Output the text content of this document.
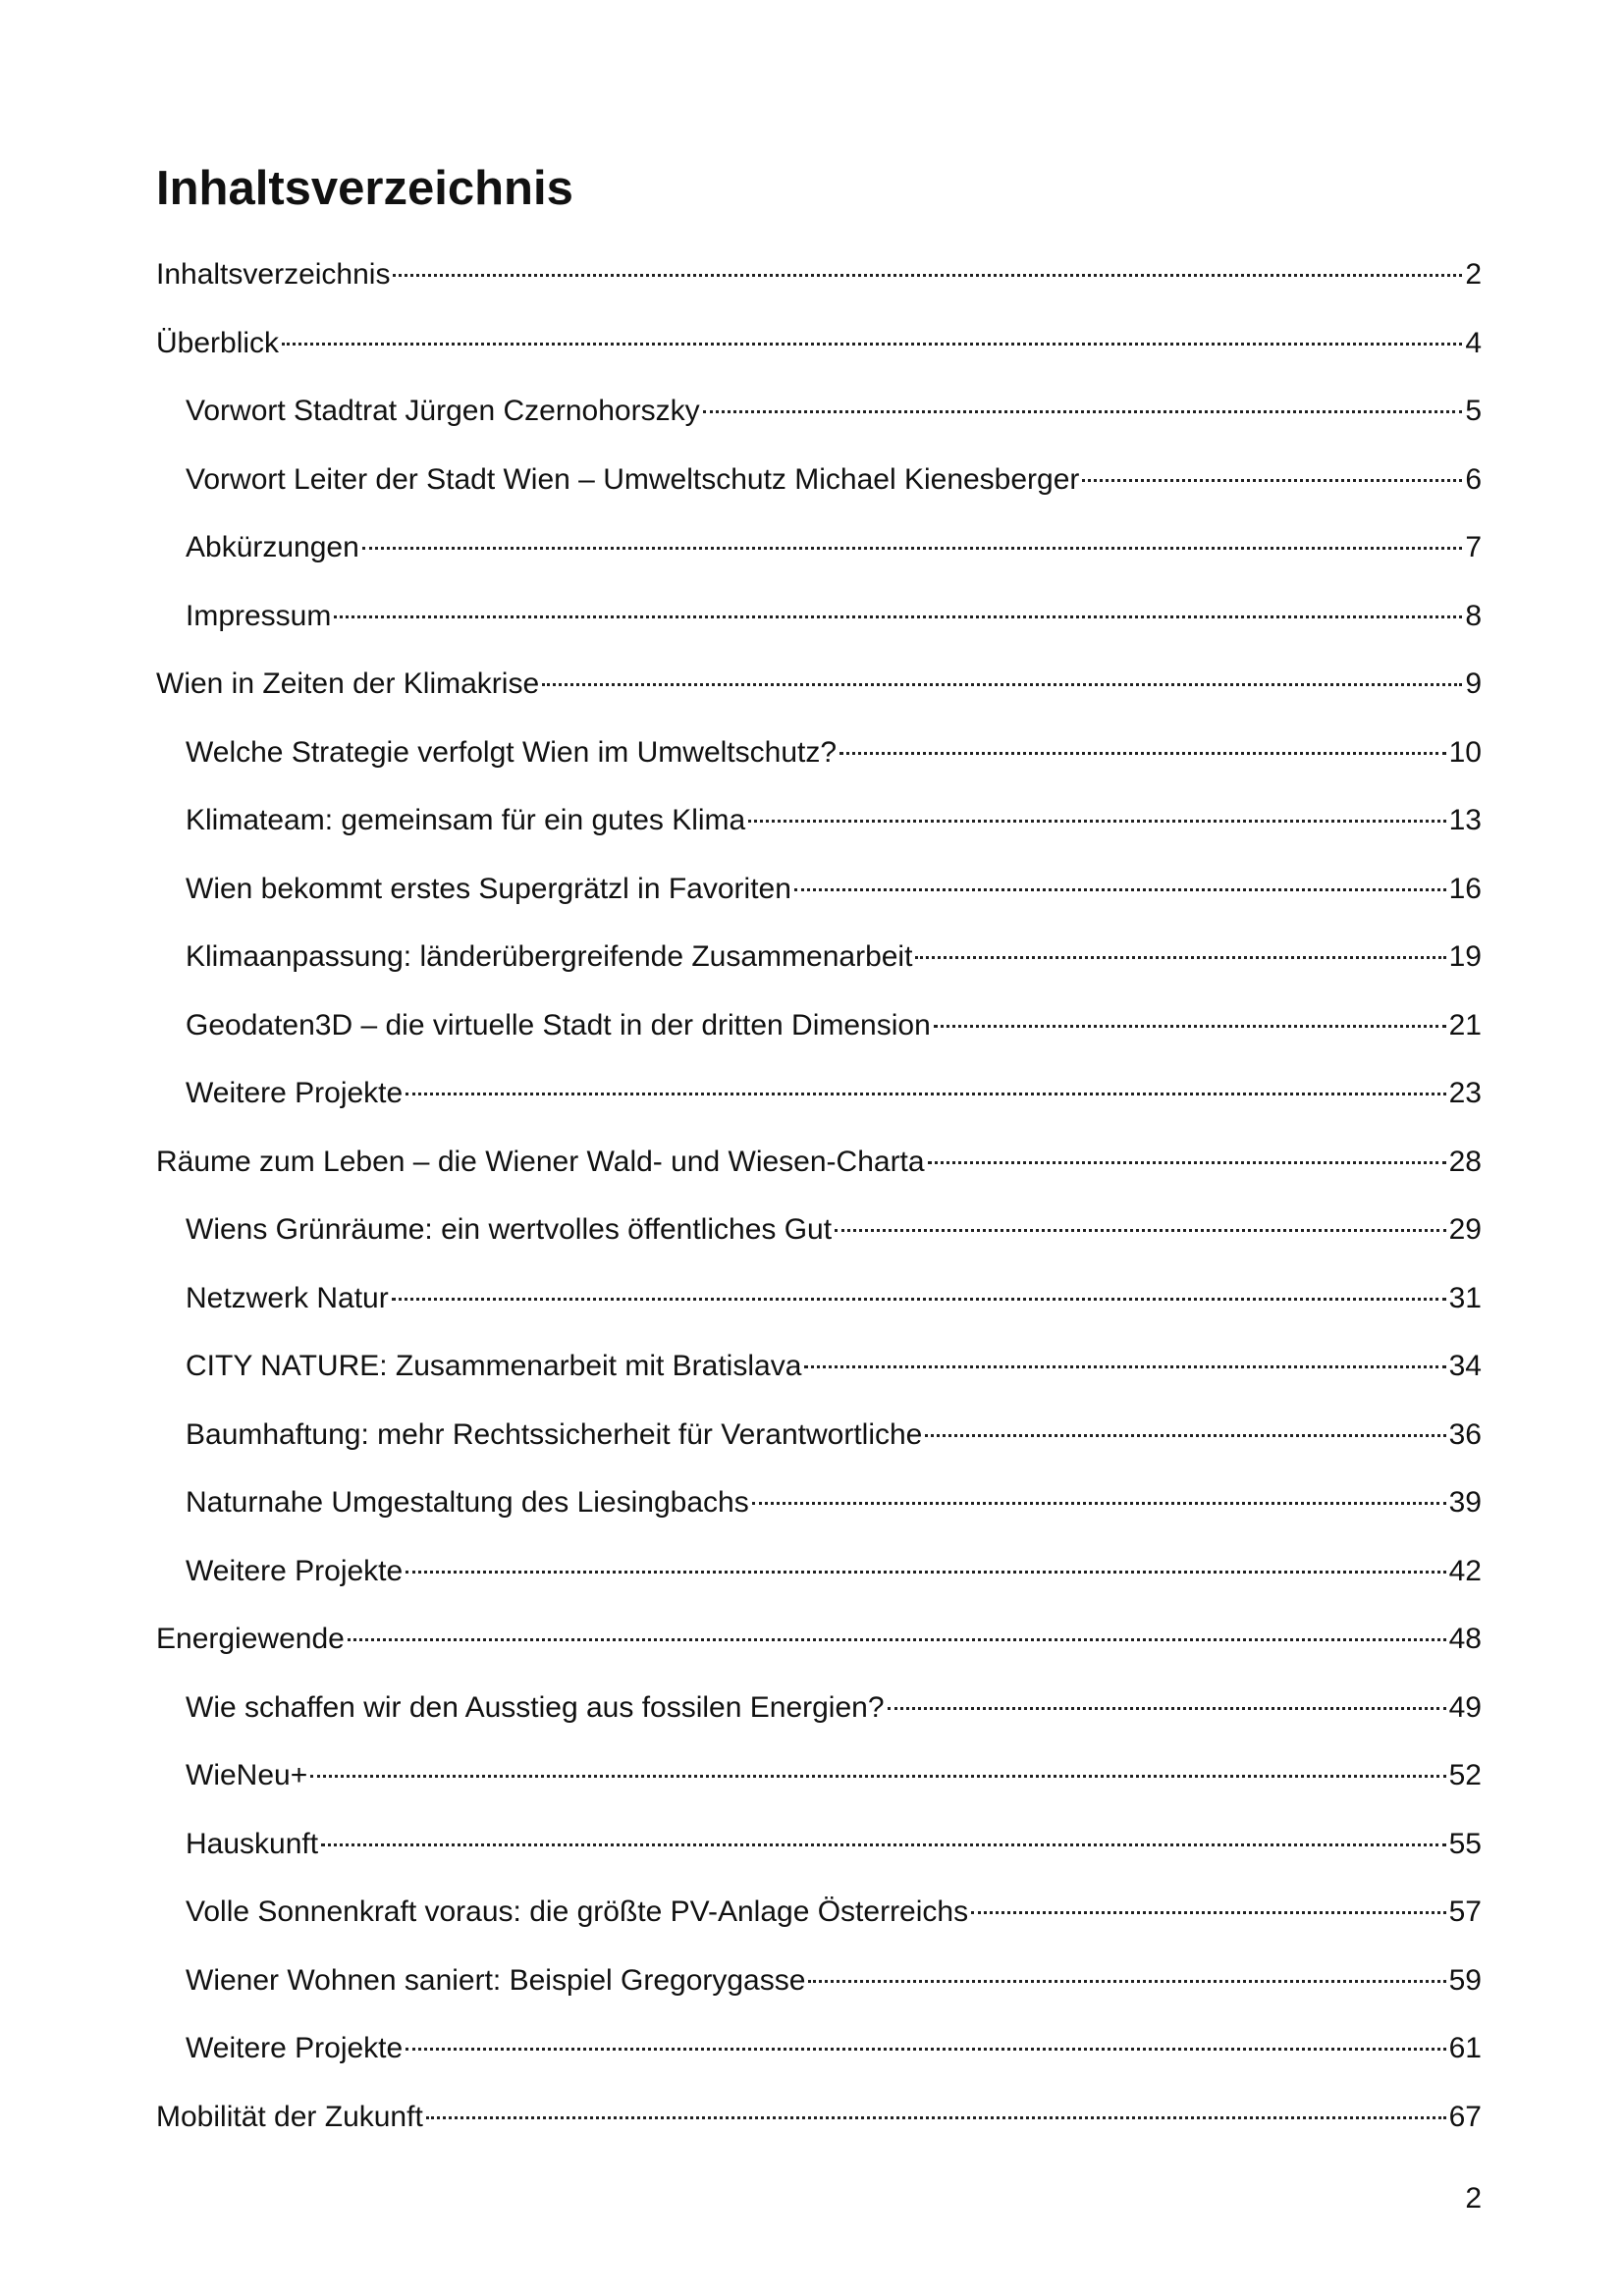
Inhaltsverzeichnis
Inhaltsverzeichnis	2
Überblick	4
Vorwort Stadtrat Jürgen Czernohorszky	5
Vorwort Leiter der Stadt Wien – Umweltschutz Michael Kienesberger	6
Abkürzungen	7
Impressum	8
Wien in Zeiten der Klimakrise	9
Welche Strategie verfolgt Wien im Umweltschutz?	10
Klimateam: gemeinsam für ein gutes Klima	13
Wien bekommt erstes Supergrätzl in Favoriten	16
Klimaanpassung: länderübergreifende Zusammenarbeit	19
Geodaten3D – die virtuelle Stadt in der dritten Dimension	21
Weitere Projekte	23
Räume zum Leben – die Wiener Wald- und Wiesen-Charta	28
Wiens Grünräume: ein wertvolles öffentliches Gut	29
Netzwerk Natur	31
CITY NATURE: Zusammenarbeit mit Bratislava	34
Baumhaftung: mehr Rechtssicherheit für Verantwortliche	36
Naturnahe Umgestaltung des Liesingbachs	39
Weitere Projekte	42
Energiewende	48
Wie schaffen wir den Ausstieg aus fossilen Energien?	49
WieNeu+	52
Hauskunft	55
Volle Sonnenkraft voraus: die größte PV-Anlage Österreichs	57
Wiener Wohnen saniert: Beispiel Gregorygasse	59
Weitere Projekte	61
Mobilität der Zukunft	67
2
